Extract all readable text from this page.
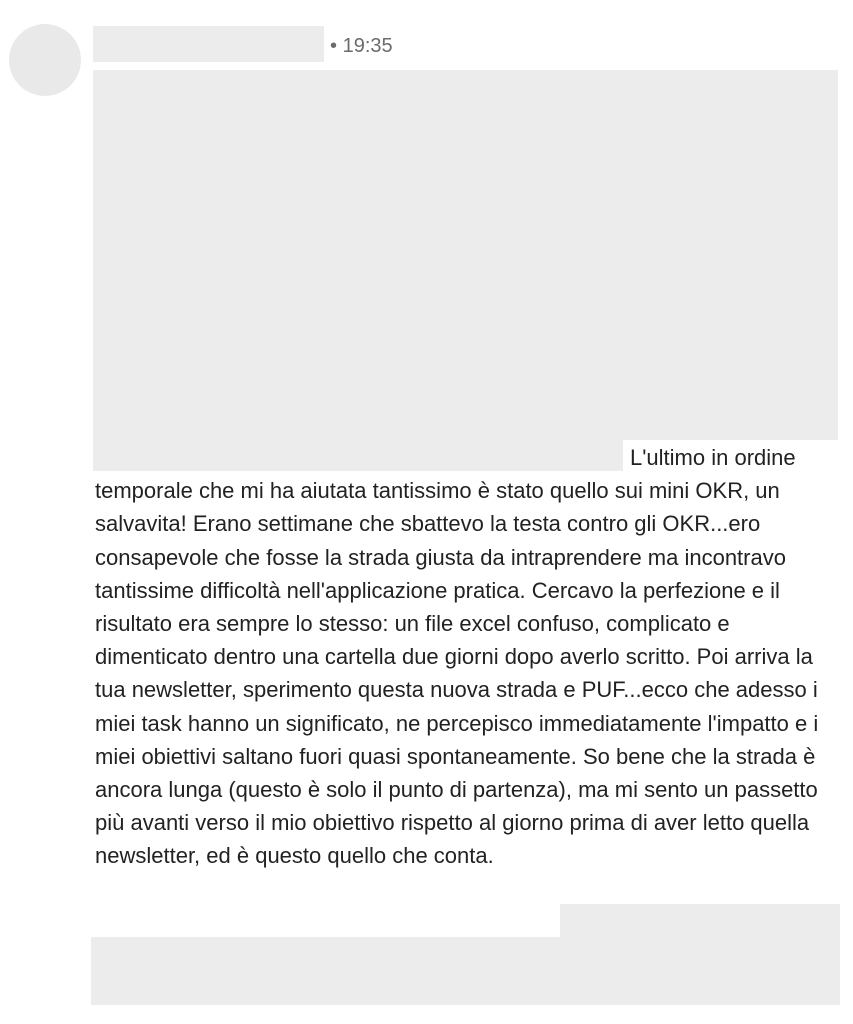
• 19:35

L'ultimo in ordine temporale che mi ha aiutata tantissimo è stato quello sui mini OKR, un salvavita! Erano settimane che sbattevo la testa contro gli OKR...ero consapevole che fosse la strada giusta da intraprendere ma incontravo tantissime difficoltà nell'applicazione pratica. Cercavo la perfezione e il risultato era sempre lo stesso: un file excel confuso, complicato e dimenticato dentro una cartella due giorni dopo averlo scritto. Poi arriva la tua newsletter, sperimento questa nuova strada e PUF...ecco che adesso i miei task hanno un significato, ne percepisco immediatamente l'impatto e i miei obiettivi saltano fuori quasi spontaneamente. So bene che la strada è ancora lunga (questo è solo il punto di partenza), ma mi sento un passetto più avanti verso il mio obiettivo rispetto al giorno prima di aver letto quella newsletter, ed è questo quello che conta.
